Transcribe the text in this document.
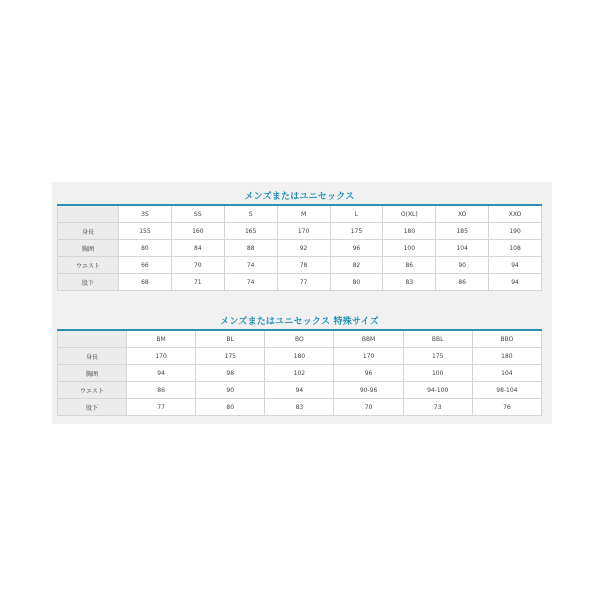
メンズまたはユニセックス
	3S	SS	S	M	L	O(XL)	XO	XXO
身長	155	160	165	170	175	180	185	190
胸囲	80	84	88	92	96	100	104	108
ウエスト	66	70	74	78	82	86	90	94
股下	68	71	74	77	80	83	86	94
メンズまたはユニセックス 特殊サイズ
	BM	BL	BO	BBM	BBL	BBO
身長	170	175	180	170	175	180
胸囲	94	98	102	96	100	104
ウエスト	86	90	94	90-96	94-100	98-104
股下	77	80	83	70	73	76
